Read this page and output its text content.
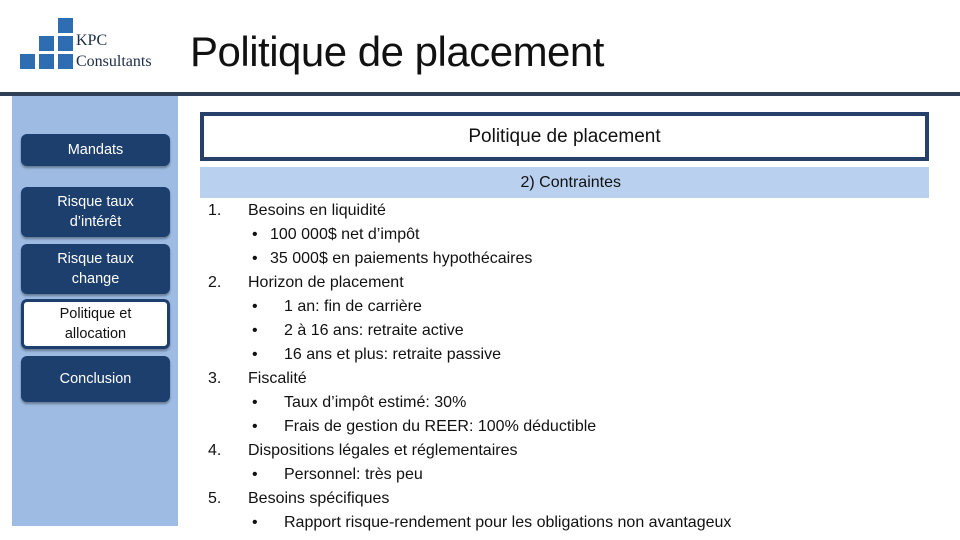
KPC
Consultants Politique de placement
Mandats
Risque taux
d’intérêt
Risque taux
change
Politique et
allocation
Conclusion
Politique de placement
2) Contraintes
1. Besoins en liquidité
• 100 000$ net d’impôt
• 35 000$ en paiements hypothécaires
2. Horizon de placement
• 1 an: fin de carrière
• 2 à 16 ans: retraite active
• 16 ans et plus: retraite passive
3. Fiscalité
• Taux d’impôt estimé: 30%
• Frais de gestion du REER: 100% déductible
4. Dispositions légales et réglementaires
• Personnel: très peu
5. Besoins spécifiques
• Rapport risque-rendement pour les obligations non avantageux
